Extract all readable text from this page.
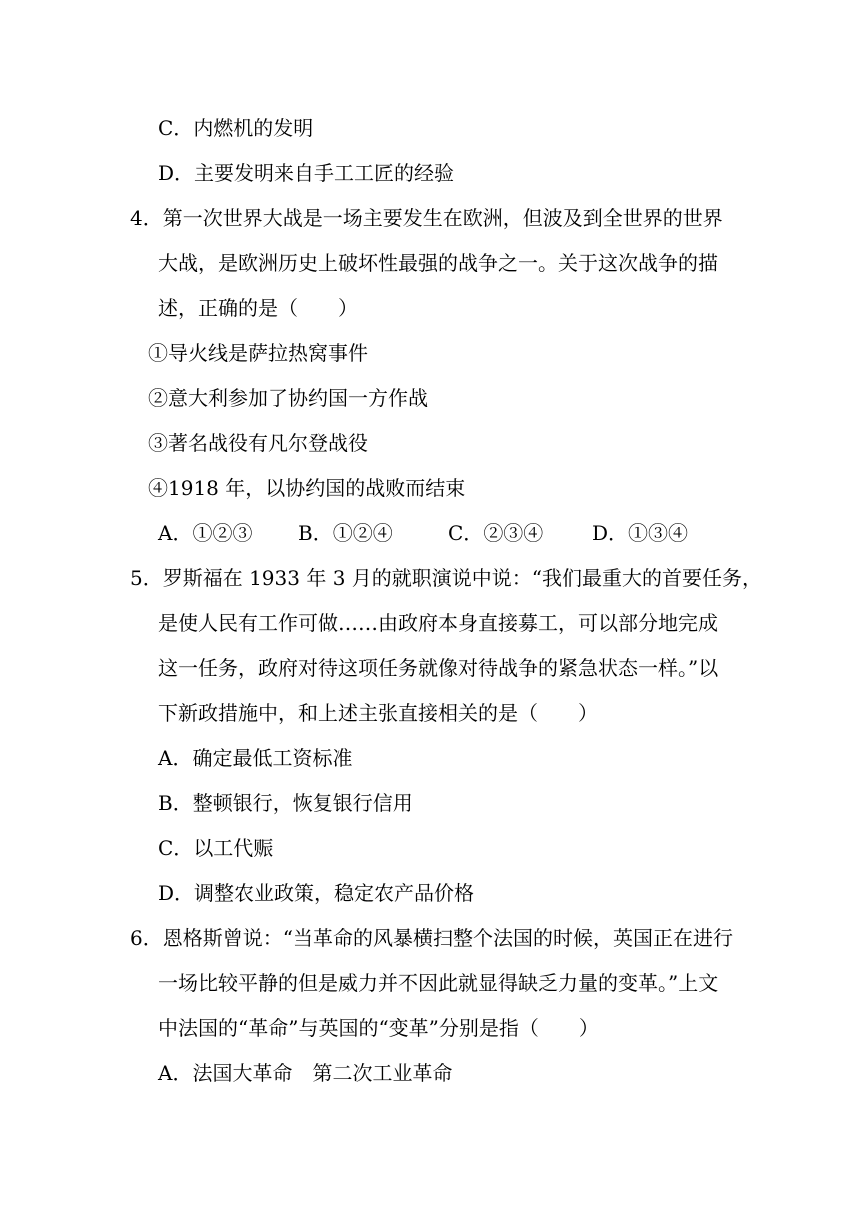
C．内燃机的发明
D．主要发明来自手工工匠的经验
4．第一次世界大战是一场主要发生在欧洲，但波及到全世界的世界
大战，是欧洲历史上破坏性最强的战争之一。关于这次战争的描
述，正确的是（　　）
①导火线是萨拉热窝事件
②意大利参加了协约国一方作战
③著名战役有凡尔登战役
④1918 年，以协约国的战败而结束
A．①②③ B．①②④	C．②③④ D．①③④
5．罗斯福在 1933 年 3 月的就职演说中说：“我们最重大的首要任务，
是使人民有工作可做……由政府本身直接募工，可以部分地完成
这一任务，政府对待这项任务就像对待战争的紧急状态一样。”以
下新政措施中，和上述主张直接相关的是（　　）
A．确定最低工资标准
B．整顿银行，恢复银行信用
C．以工代赈
D．调整农业政策，稳定农产品价格
6．恩格斯曾说：“当革命的风暴横扫整个法国的时候，英国正在进行
一场比较平静的但是威力并不因此就显得缺乏力量的变革。”上文
中法国的“革命”与英国的“变革”分别是指（　　）
A．法国大革命　第二次工业革命
